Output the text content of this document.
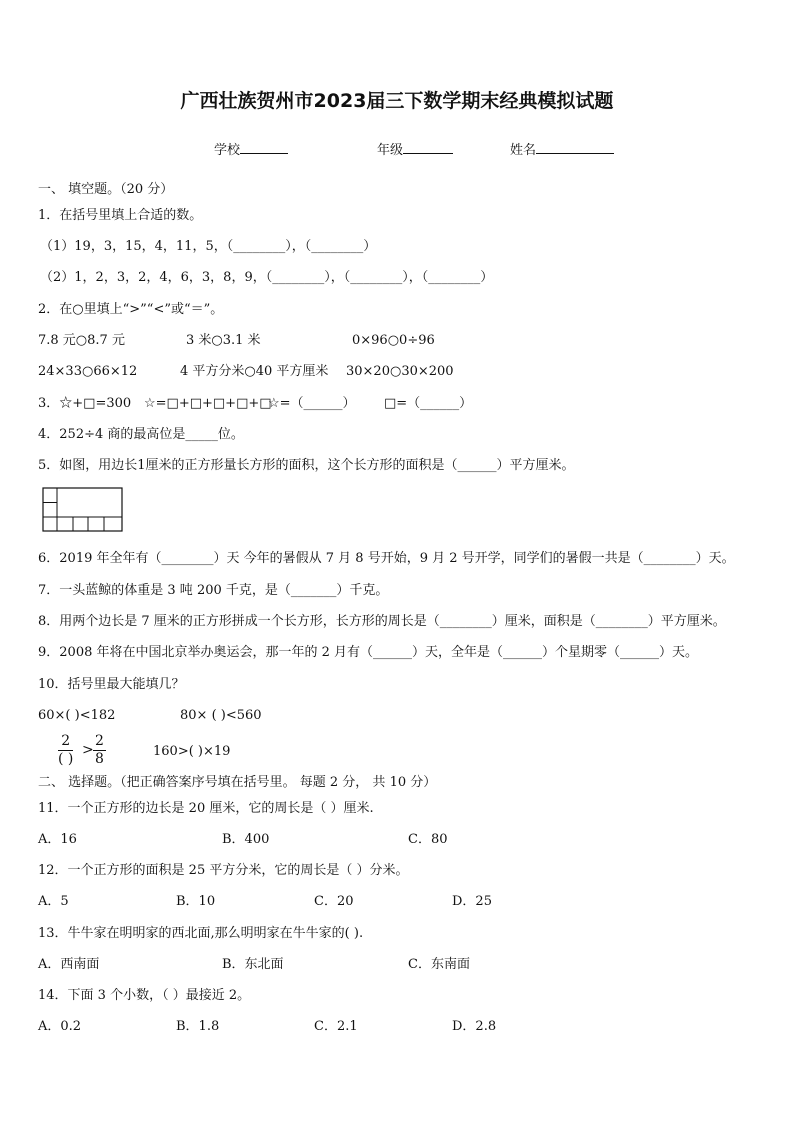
广西壮族贺州市2023届三下数学期末经典模拟试题
学校	年级	姓名
一、 填空题。（20 分）
1．在括号里填上合适的数。
（1）19，3，15，4，11，5，（________），（________）
（2）1，2，3，2，4，6，3，8，9，（________），（________），（________）
2．在○里填上“>”“<”或“＝”。
7.8 元○8.7 元	3 米○3.1 米	0×96○0÷96
24×33○66×12	4 平方分米○40 平方厘米 30×20○30×200
3．☆+□=300 ☆=□+□+□+□+□
☆=（______） □=（______）
4．252÷4 商的最高位是_____位。
5．如图，用边长1厘米的正方形量长方形的面积，这个长方形的面积是（______）平方厘米。
6．2019 年全年有（________）天 今年的暑假从 7 月 8 号开始，9 月 2 号开学，同学们的暑假一共是（________）天。
7．一头蓝鲸的体重是 3 吨 200 千克，是（_______）千克。
8．用两个边长是 7 厘米的正方形拼成一个长方形，长方形的周长是（________）厘米，面积是（________）平方厘米。
9．2008 年将在中国北京举办奥运会，那一年的 2 月有（______）天，全年是（______）个星期零（______）天。
10．括号里最大能填几？
60×( )<182	80× ( )<560
2
( )
> $\frac{2}{8}$	160>( )×19
二、 选择题。（把正确答案序号填在括号里。 每题 2 分， 共 10 分）
11．一个正方形的边长是 20 厘米，它的周长是（ ）厘米.
A．16	B．400	C．80
12．一个正方形的面积是 25 平方分米，它的周长是（ ）分米。
A．5	B．10	C．20	D．25
13．牛牛家在明明家的西北面,那么明明家在牛牛家的( ).
A．西南面	B．东北面	C．东南面
14．下面 3 个小数，（ ）最接近 2。
A．0.2	B．1.8	C．2.1	D．2.8
